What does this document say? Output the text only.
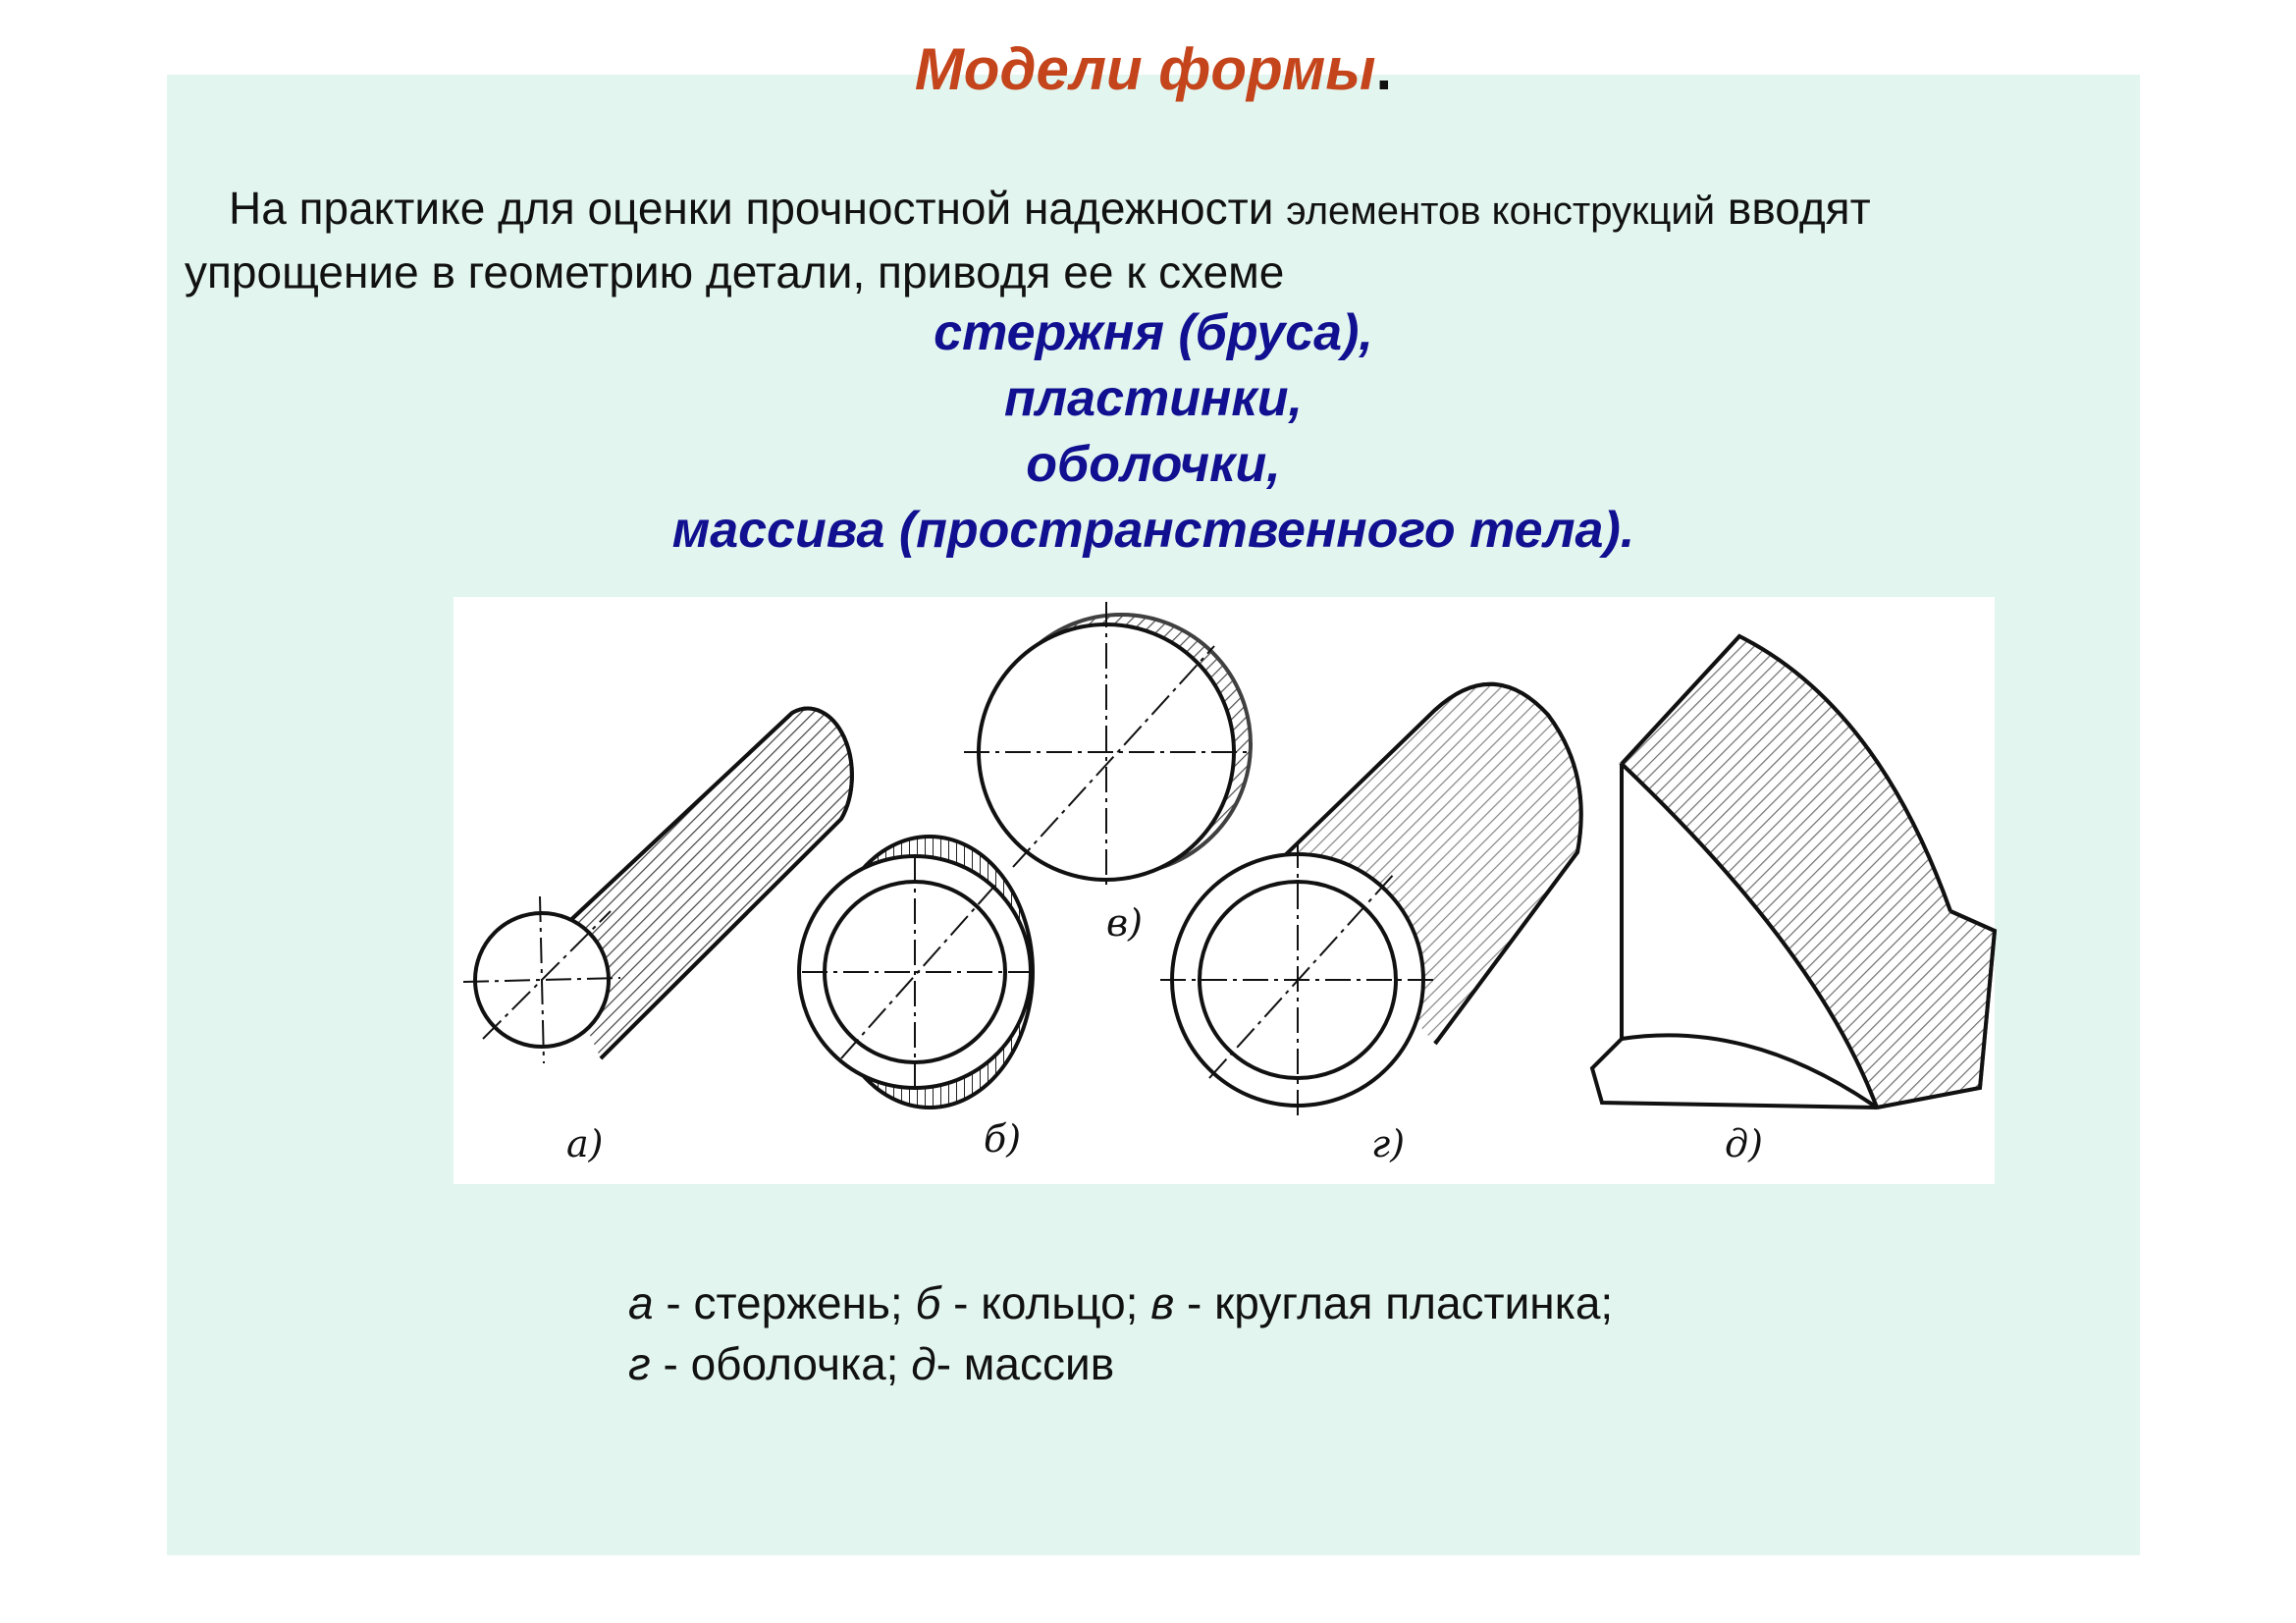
Модели формы.
На практике для оценки прочностной надежности элементов конструкций вводят
упрощение в геометрию детали, приводя ее к схеме
стержня (бруса),
пластинки,
оболочки,
массива (пространственного тела).
а)	б)
в)
г)	д)
а - стержень; б - кольцо; в - круглая пластинка;
г - оболочка; д- массив
